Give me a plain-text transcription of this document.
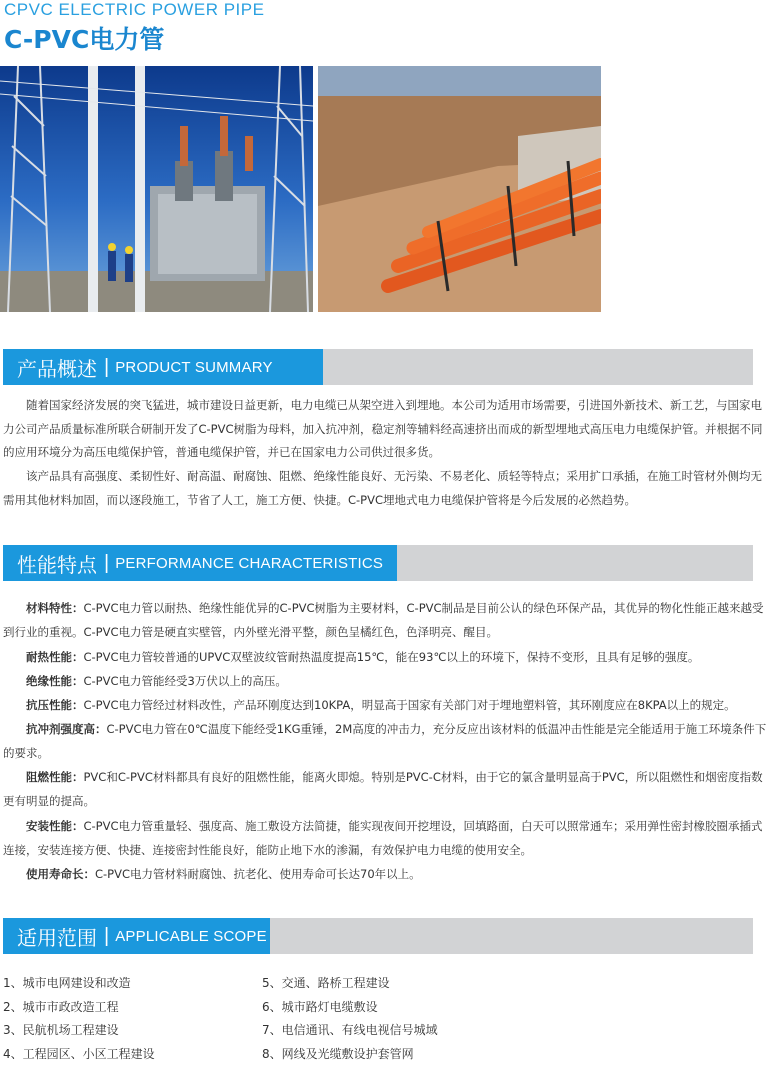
CPVC ELECTRIC POWER PIPE
C-PVC电力管
产品概述 | PRODUCT SUMMARY

随着国家经济发展的突飞猛进，城市建设日益更新，电力电缆已从架空进入到埋地。本公司为适用市场需要，引进国外新技术、新工艺，与国家电力公司产品质量标准所联合研制开发了C-PVC树脂为母料，加入抗冲剂，稳定剂等辅料经高速挤出而成的新型埋地式高压电力电缆保护管。并根据不同的应用环境分为高压电缆保护管，普通电缆保护管，并已在国家电力公司供过很多货。

该产品具有高强度、柔韧性好、耐高温、耐腐蚀、阻燃、绝缘性能良好、无污染、不易老化、质轻等特点；采用扩口承插，在施工时管材外侧均无需用其他材料加固，而以逐段施工，节省了人工，施工方便、快捷。C-PVC埋地式电力电缆保护管将是今后发展的必然趋势。

性能特点 | PERFORMANCE CHARACTERISTICS

材料特性：C-PVC电力管以耐热、绝缘性能优异的C-PVC树脂为主要材料，C-PVC制品是目前公认的绿色环保产品，其优异的物化性能正越来越受到行业的重视。C-PVC电力管是硬直实壁管，内外壁光滑平整，颜色呈橘红色，色泽明亮、醒目。

耐热性能：C-PVC电力管较普通的UPVC双壁波纹管耐热温度提高15℃，能在93℃以上的环境下，保持不变形，且具有足够的强度。

绝缘性能：C-PVC电力管能经受3万伏以上的高压。

抗压性能：C-PVC电力管经过材料改性，产品环刚度达到10KPA，明显高于国家有关部门对于埋地塑料管，其环刚度应在8KPA以上的规定。

抗冲剂强度高：C-PVC电力管在0℃温度下能经受1KG重锤，2M高度的冲击力，充分反应出该材料的低温冲击性能是完全能适用于施工环境条件下的要求。

阻燃性能：PVC和C-PVC材料都具有良好的阻燃性能，能离火即熄。特别是PVC-C材料，由于它的氯含量明显高于PVC，所以阻燃性和烟密度指数更有明显的提高。

安装性能：C-PVC电力管重量轻、强度高、施工敷设方法简捷，能实现夜间开挖埋设，回填路面，白天可以照常通车；采用弹性密封橡胶圈承插式连接，安装连接方便、快捷、连接密封性能良好，能防止地下水的渗漏，有效保护电力电缆的使用安全。

使用寿命长：C-PVC电力管材料耐腐蚀、抗老化、使用寿命可长达70年以上。

适用范围 | APPLICABLE SCOPE
1、城市电网建设和改造
2、城市市政改造工程
3、民航机场工程建设
4、工程园区、小区工程建设
5、交通、路桥工程建设
6、城市路灯电缆敷设
7、电信通讯、有线电视信号城域
8、网线及光缆敷设护套管网
